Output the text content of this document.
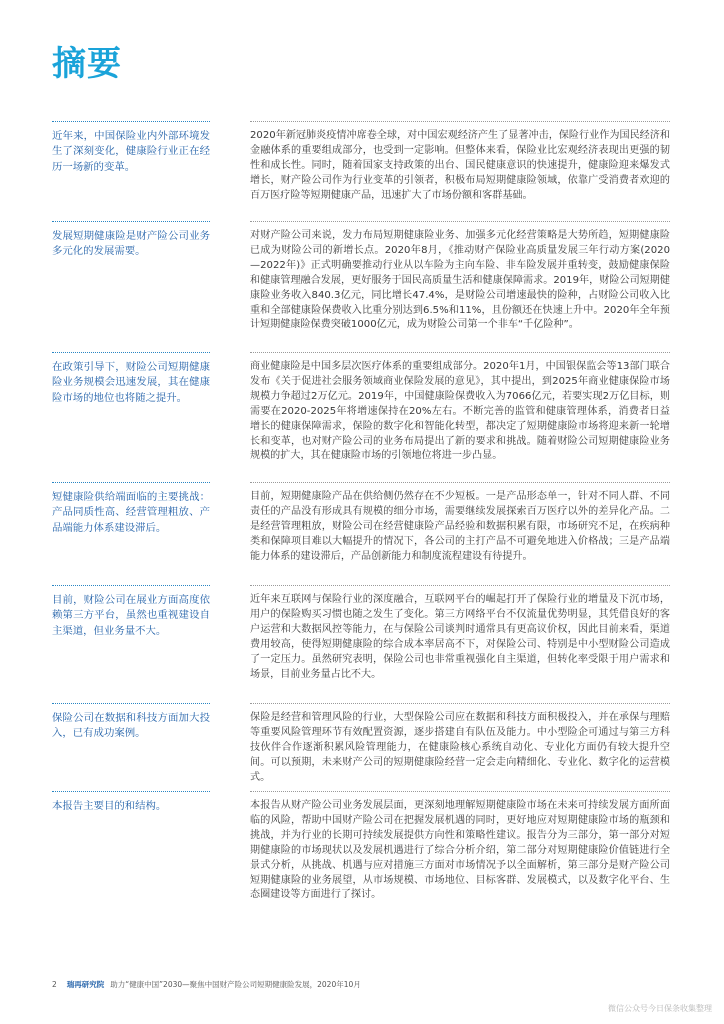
摘要

近年来，中国保险业内外部环境发生了深刻变化，健康险行业正在经历一场新的变革。

2020年新冠肺炎疫情冲席卷全球，对中国宏观经济产生了显著冲击，保险行业作为国民经济和金融体系的重要组成部分，也受到一定影响。但整体来看，保险业比宏观经济表现出更强的韧性和成长性。同时，随着国家支持政策的出台、国民健康意识的快速提升，健康险迎来爆发式增长，财产险公司作为行业变革的引领者，积极布局短期健康险领域，依靠广受消费者欢迎的百万医疗险等短期健康产品，迅速扩大了市场份额和客群基础。

发展短期健康险是财产险公司业务多元化的发展需要。

对财产险公司来说，发力布局短期健康险业务、加强多元化经营策略是大势所趋，短期健康险已成为财险公司的新增长点。2020年8月，《推动财产保险业高质量发展三年行动方案(2020—2022年)》正式明确要推动行业从以车险为主向车险、非车险发展并重转变，鼓励健康保险和健康管理融合发展，更好服务于国民高质量生活和健康保障需求。2019年，财险公司短期健康险业务收入840.3亿元，同比增长47.4%，是财险公司增速最快的险种，占财险公司收入比重和全部健康险保费收入比重分别达到6.5%和11%，且份额还在快速上升中。2020年全年预计短期健康险保费突破1000亿元，成为财险公司第一个非车“千亿险种”。

在政策引导下，财险公司短期健康险业务规模会迅速发展，其在健康险市场的地位也将随之提升。

商业健康险是中国多层次医疗体系的重要组成部分。2020年1月，中国银保监会等13部门联合发布《关于促进社会服务领域商业保险发展的意见》，其中提出，到2025年商业健康保险市场规模力争超过2万亿元。2019年，中国健康险保费收入为7066亿元，若要实现2万亿目标，则需要在2020-2025年将增速保持在20%左右。不断完善的监管和健康管理体系，消费者日益增长的健康保障需求，保险的数字化和智能化转型，都决定了短期健康险市场将迎来新一轮增长和变革，也对财产险公司的业务布局提出了新的要求和挑战。随着财险公司短期健康险业务规模的扩大，其在健康险市场的引领地位将进一步凸显。

短健康险供给端面临的主要挑战：产品同质性高、经营管理粗放、产品端能力体系建设滞后。

目前，短期健康险产品在供给侧仍然存在不少短板。一是产品形态单一，针对不同人群、不同责任的产品没有形成具有规模的细分市场，需要继续发展探索百万医疗以外的差异化产品。二是经营管理粗放，财险公司在经营健康险产品经验和数据积累有限，市场研究不足，在疾病种类和保障项目难以大幅提升的情况下，各公司的主打产品不可避免地进入价格战；三是产品端能力体系的建设滞后，产品创新能力和制度流程建设有待提升。

目前，财险公司在展业方面高度依赖第三方平台，虽然也重视建设自主渠道，但业务量不大。

近年来互联网与保险行业的深度融合，互联网平台的崛起打开了保险行业的增量及下沉市场，用户的保险购买习惯也随之发生了变化。第三方网络平台不仅流量优势明显，其凭借良好的客户运营和大数据风控等能力，在与保险公司谈判时通常具有更高议价权，因此目前来看，渠道费用较高，使得短期健康险的综合成本率居高不下，对保险公司、特别是中小型财险公司造成了一定压力。虽然研究表明，保险公司也非常重视强化自主渠道，但转化率受限于用户需求和场景，目前业务量占比不大。

保险公司在数据和科技方面加大投入，已有成功案例。

保险是经营和管理风险的行业，大型保险公司应在数据和科技方面积极投入，并在承保与理赔等重要风险管理环节有效配置资源，逐步搭建自有队伍及能力。中小型险企可通过与第三方科技伙伴合作逐渐积累风险管理能力，在健康险核心系统自动化、专业化方面仍有较大提升空间。可以预期，未来财产公司的短期健康险经营一定会走向精细化、专业化、数字化的运营模式。

本报告主要目的和结构。	本报告从财产险公司业务发展层面，更深刻地理解短期健康险市场在未来可持续发展方面所面临的风险，帮助中国财产险公司在把握发展机遇的同时，更好地应对短期健康险市场的瓶颈和挑战，并为行业的长期可持续发展提供方向性和策略性建议。报告分为三部分，第一部分对短期健康险的市场现状以及发展机遇进行了综合分析介绍，第二部分对短期健康险价值链进行全景式分析，从挑战、机遇与应对措施三方面对市场情况予以全面解析，第三部分是财产险公司短期健康险的业务展望，从市场规模、市场地位、目标客群、发展模式，以及数字化平台、生态圈建设等方面进行了探讨。

2 瑞再研究院 助力“健康中国”2030—聚焦中国财产险公司短期健康险发展，2020年10月
微信公众号今日保条收集整理
